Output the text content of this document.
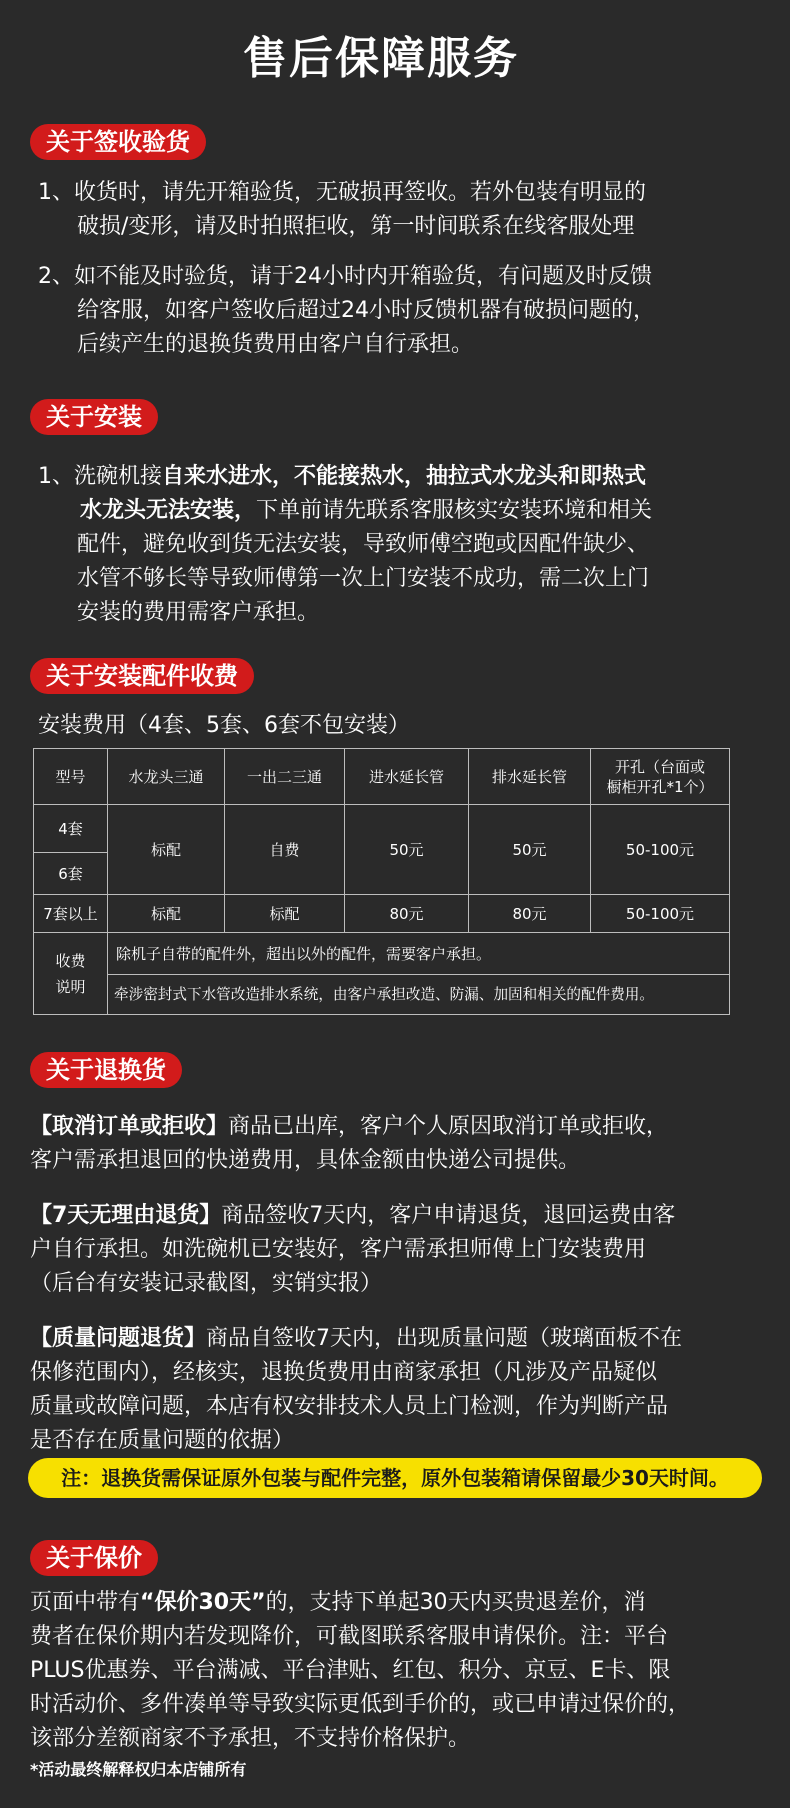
售后保障服务
关于签收验货
1、收货时，请先开箱验货，无破损再签收。若外包装有明显的
破损/变形，请及时拍照拒收，第一时间联系在线客服处理
2、如不能及时验货，请于24小时内开箱验货，有问题及时反馈
给客服，如客户签收后超过24小时反馈机器有破损问题的，
后续产生的退换货费用由客户自行承担。
关于安装
1、洗碗机接自来水进水，不能接热水，抽拉式水龙头和即热式
水龙头无法安装，下单前请先联系客服核实安装环境和相关
配件，避免收到货无法安装，导致师傅空跑或因配件缺少、
水管不够长等导致师傅第一次上门安装不成功，需二次上门
安装的费用需客户承担。
关于安装配件收费
安装费用（4套、5套、6套不包安装）
型号	水龙头三通	一出二三通	进水延长管	排水延长管	开孔（台面或
橱柜开孔*1个）

4套	标配	自费	50元	50元	50-100元
6套					
7套以上	标配	标配	80元	80元	50-100元

收费
说明	除机子自带的配件外，超出以外的配件，需要客户承担。				
	牵涉密封式下水管改造排水系统，由客户承担改造、防漏、加固和相关的配件费用。				
关于退换货
【取消订单或拒收】商品已出库，客户个人原因取消订单或拒收，
客户需承担退回的快递费用，具体金额由快递公司提供。
【7天无理由退货】商品签收7天内，客户申请退货，退回运费由客
户自行承担。如洗碗机已安装好，客户需承担师傅上门安装费用
（后台有安装记录截图，实销实报）
【质量问题退货】商品自签收7天内，出现质量问题（玻璃面板不在
保修范围内），经核实，退换货费用由商家承担（凡涉及产品疑似
质量或故障问题，本店有权安排技术人员上门检测，作为判断产品
是否存在质量问题的依据）
注：退换货需保证原外包装与配件完整，原外包装箱请保留最少30天时间。
关于保价
页面中带有“保价30天”的，支持下单起30天内买贵退差价，消
费者在保价期内若发现降价，可截图联系客服申请保价。注：平台
PLUS优惠券、平台满减、平台津贴、红包、积分、京豆、E卡、限
时活动价、多件凑单等导致实际更低到手价的，或已申请过保价的，
该部分差额商家不予承担，不支持价格保护。
*活动最终解释权归本店铺所有
